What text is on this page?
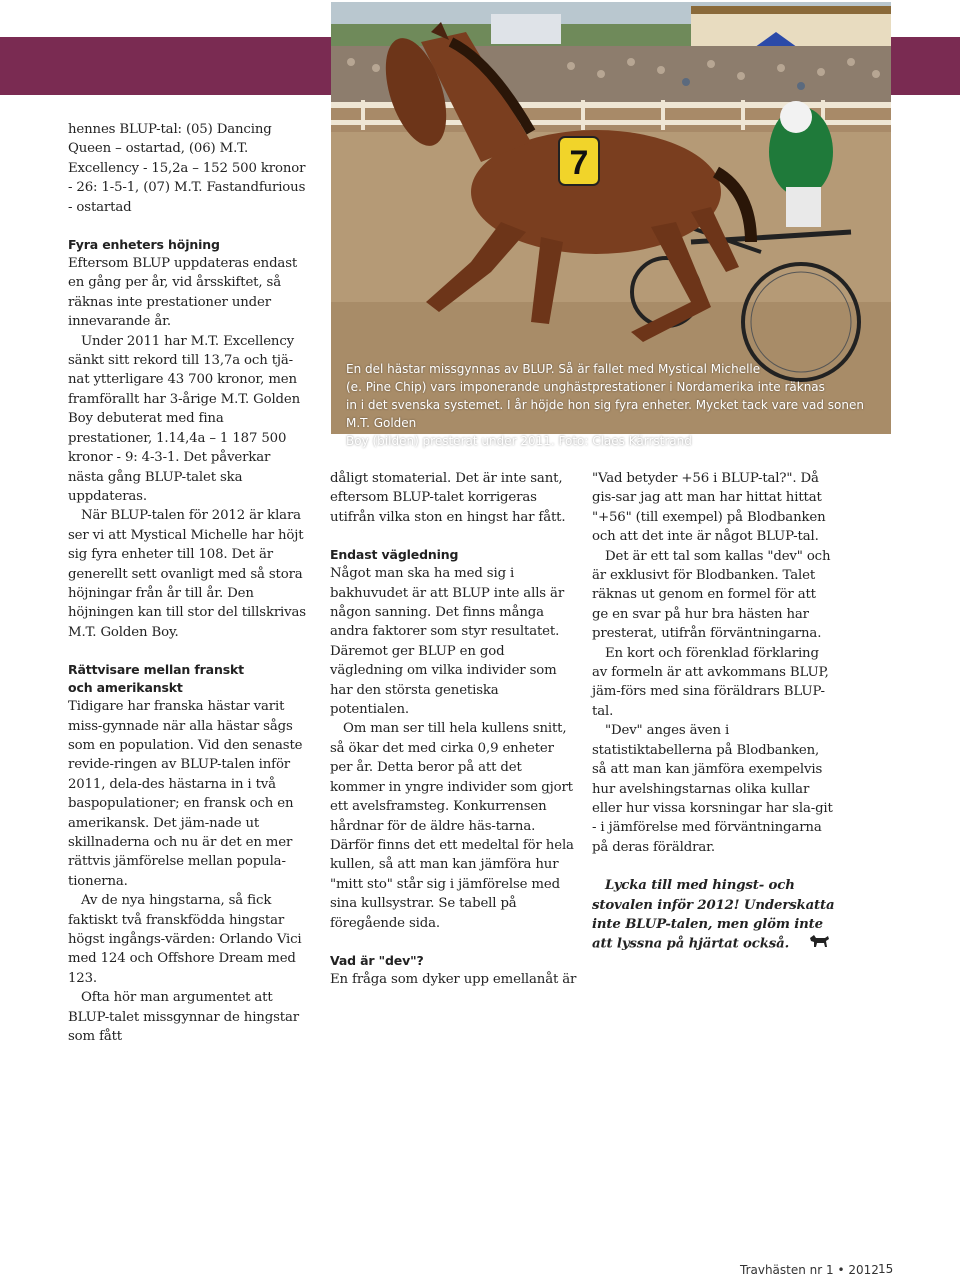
7

En del hästar missgynnas av BLUP. Så är fallet med Mystical Michelle

(e. Pine Chip) vars imponerande unghästprestationer i Nordamerika inte räknas

in i det svenska systemet. I år höjde hon sig fyra enheter. Mycket tack vare vad sonen M.T. Golden

Boy (bilden) presterat under 2011. Foto: Claes Kärrstrand

hennes BLUP-tal: (05) Dancing Queen – ostartad, (06) M.T. Excellency - 15,2a – 152 500 kronor - 26: 1-5-1, (07) M.T. Fastandfurious - ostartad

Fyra enheters höjning

Eftersom BLUP uppdateras endast en gång per år, vid årsskiftet, så räknas inte prestationer under innevarande år.

Under 2011 har M.T. Excellency sänkt sitt rekord till 13,7a och tjä-nat ytterligare 43 700 kronor, men framförallt har 3-årige M.T. Golden Boy debuterat med fina prestationer, 1.14,4a – 1 187 500 kronor - 9: 4-3-1. Det påverkar nästa gång BLUP-talet ska uppdateras.

När BLUP-talen för 2012 är klara ser vi att Mystical Michelle har höjt sig fyra enheter till 108. Det är generellt sett ovanligt med så stora höjningar från år till år. Den höjningen kan till stor del tillskrivas M.T. Golden Boy.

Rättvisare mellan franskt
och amerikanskt

Tidigare har franska hästar varit miss-gynnade när alla hästar sågs som en population. Vid den senaste revide-ringen av BLUP-talen inför 2011, dela-des hästarna in i två baspopulationer; en fransk och en amerikansk. Det jäm-nade ut skillnaderna och nu är det en mer rättvis jämförelse mellan popula-tionerna.

Av de nya hingstarna, så fick faktiskt två franskfödda hingstar högst ingångs-värden: Orlando Vici med 124 och Offshore Dream med 123.

Ofta hör man argumentet att BLUP-talet missgynnar de hingstar som fått

dåligt stomaterial. Det är inte sant, eftersom BLUP-talet korrigeras utifrån vilka ston en hingst har fått.

Endast vägledning

Något man ska ha med sig i bakhuvudet är att BLUP inte alls är någon sanning. Det finns många andra faktorer som styr resultatet. Däremot ger BLUP en god vägledning om vilka individer som har den största genetiska potentialen.

Om man ser till hela kullens snitt, så ökar det med cirka 0,9 enheter per år. Detta beror på att det kommer in yngre individer som gjort ett avelsframsteg. Konkurrensen hårdnar för de äldre häs-tarna. Därför finns det ett medeltal för hela kullen, så att man kan jämföra hur "mitt sto" står sig i jämförelse med sina kullsystrar. Se tabell på föregående sida.

Vad är "dev"?

En fråga som dyker upp emellanåt är

"Vad betyder +56 i BLUP-tal?". Då gis-sar jag att man har hittat hittat "+56" (till exempel) på Blodbanken och att det inte är något BLUP-tal.

Det är ett tal som kallas "dev" och är exklusivt för Blodbanken. Talet räknas ut genom en formel för att ge en svar på hur bra hästen har presterat, utifrån förväntningarna.

En kort och förenklad förklaring av formeln är att avkommans BLUP, jäm-förs med sina föräldrars BLUP-tal.

"Dev" anges även i statistiktabellerna på Blodbanken, så att man kan jämföra exempelvis hur avelshingstarnas olika kullar eller hur vissa korsningar har sla-git - i jämförelse med förväntningarna på deras föräldrar.

Lycka till med hingst- och stovalen inför 2012! Underskatta inte BLUP-talen, men glöm inte att lyssna på hjärtat också.

Travhästen nr 1 • 2012 15
